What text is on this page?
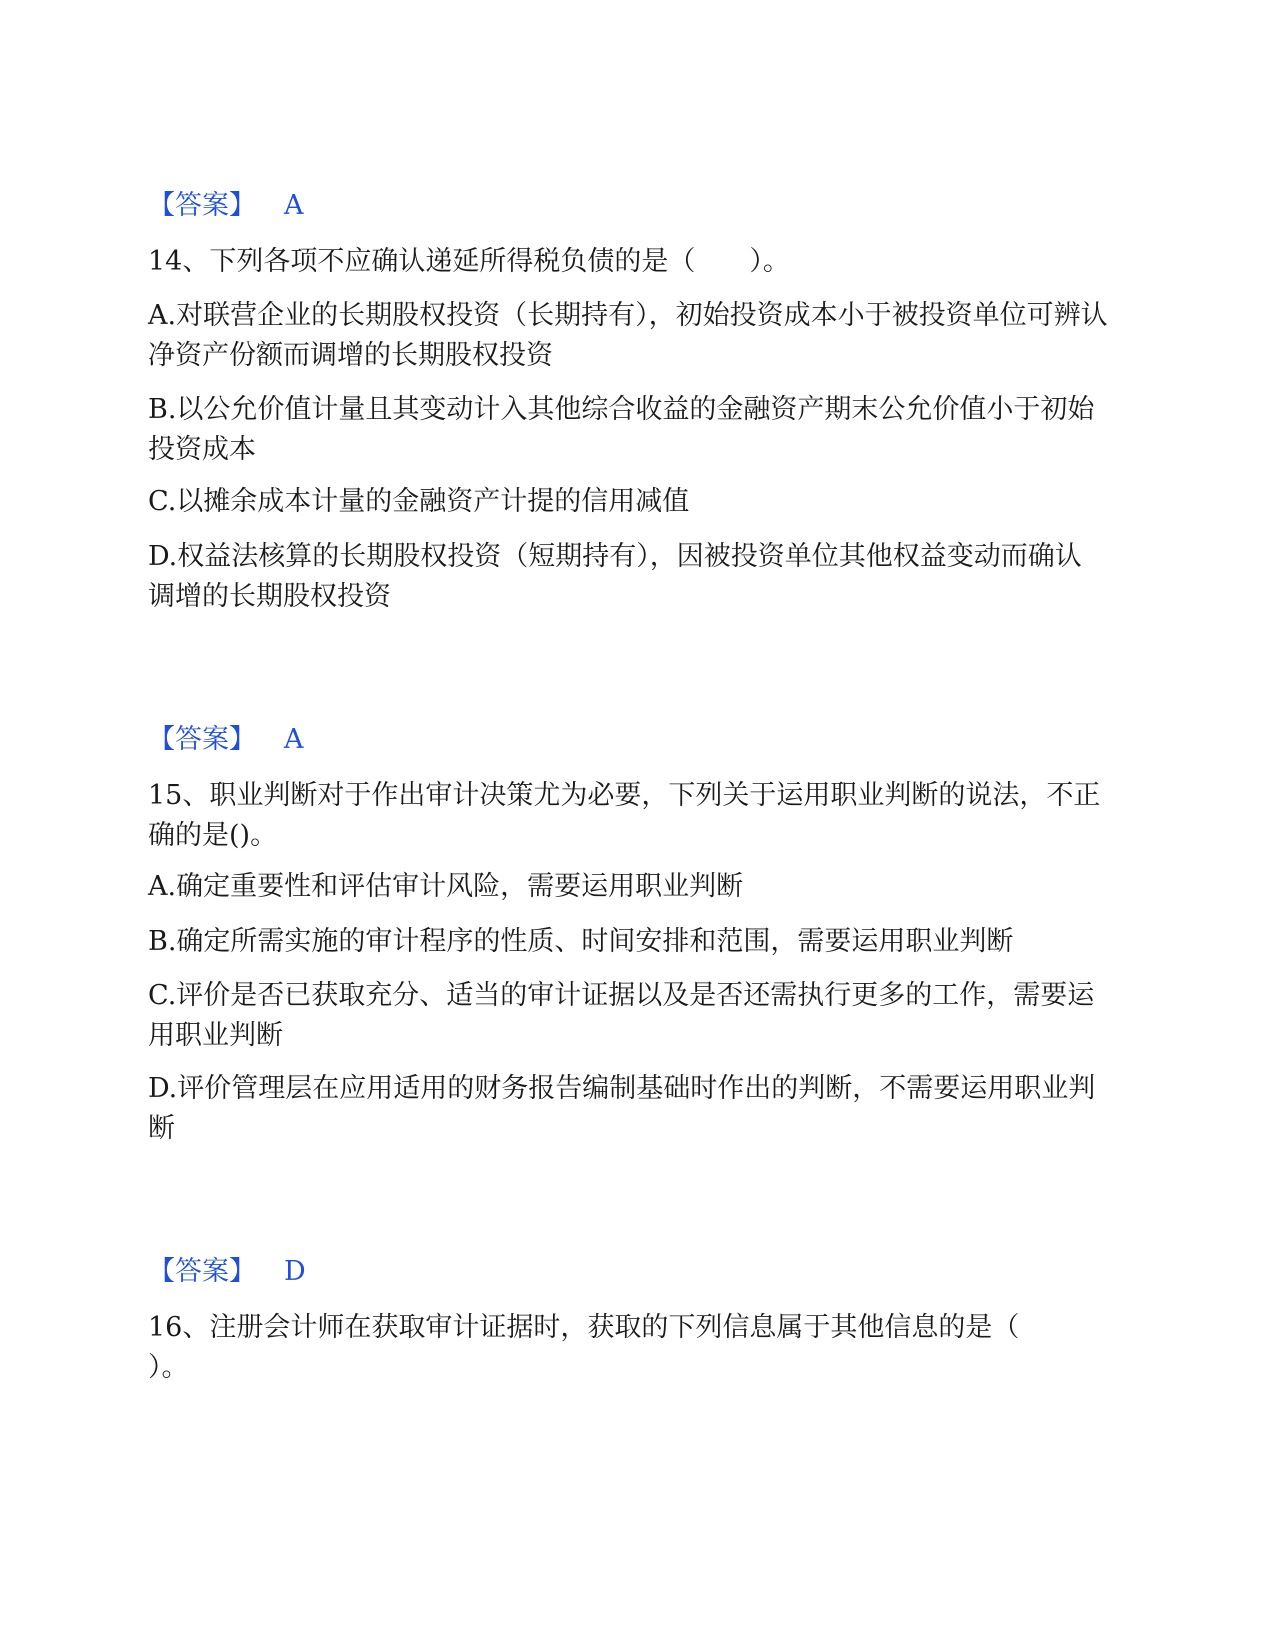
【答案】 A
14、下列各项不应确认递延所得税负债的是（　　）。
A.对联营企业的长期股权投资（长期持有），初始投资成本小于被投资单位可辨认净资产份额而调增的长期股权投资
B.以公允价值计量且其变动计入其他综合收益的金融资产期末公允价值小于初始投资成本
C.以摊余成本计量的金融资产计提的信用减值
D.权益法核算的长期股权投资（短期持有），因被投资单位其他权益变动而确认调增的长期股权投资
【答案】 A
15、职业判断对于作出审计决策尤为必要，下列关于运用职业判断的说法，不正确的是()。
A.确定重要性和评估审计风险，需要运用职业判断
B.确定所需实施的审计程序的性质、时间安排和范围，需要运用职业判断
C.评价是否已获取充分、适当的审计证据以及是否还需执行更多的工作，需要运用职业判断
D.评价管理层在应用适用的财务报告编制基础时作出的判断，不需要运用职业判断
【答案】 D
16、注册会计师在获取审计证据时，获取的下列信息属于其他信息的是（　　）。
